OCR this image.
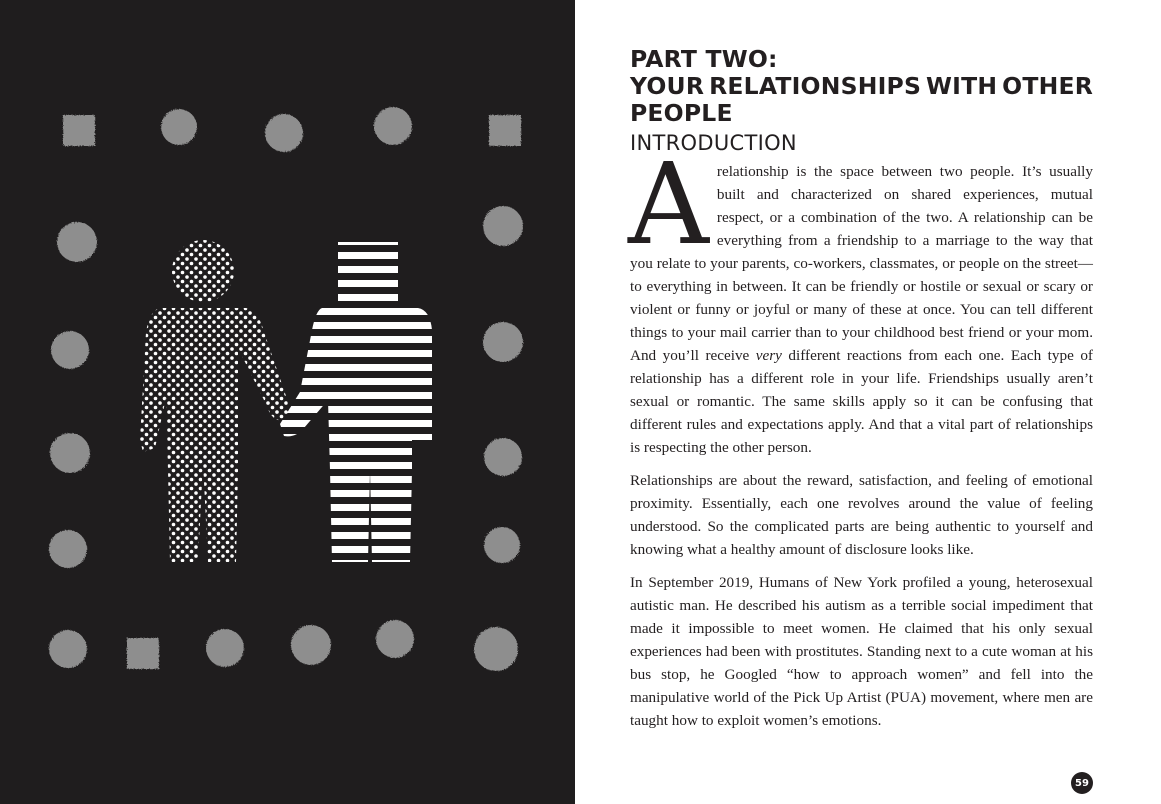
PART TWO:
YOUR RELATIONSHIPS WITH OTHER
PEOPLE
INTRODUCTION

A relationship is the space between two people. It’s usually built and characterized on shared experiences, mutual respect, or a combination of the two. A relationship can be everything from a friendship to a marriage to the way that you relate to your parents, co-workers, classmates, or people on the street—to everything in between. It can be friendly or hostile or sexual or scary or violent or funny or joyful or many of these at once. You can tell different things to your mail carrier than to your childhood best friend or your mom. And you’ll receive very different reactions from each one. Each type of relationship has a different role in your life. Friendships usually aren’t sexual or romantic. The same skills apply so it can be confusing that different rules and expectations apply. And that a vital part of relationships is respecting the other person.

Relationships are about the reward, satisfaction, and feeling of emotional proximity. Essentially, each one revolves around the value of feeling understood. So the complicated parts are being authentic to yourself and knowing what a healthy amount of disclosure looks like.

In September 2019, Humans of New York profiled a young, heterosexual autistic man. He described his autism as a terrible social impediment that made it impossible to meet women. He claimed that his only sexual experiences had been with prostitutes. Standing next to a cute woman at his bus stop, he Googled “how to approach women” and fell into the manipulative world of the Pick Up Artist (PUA) movement, where men are taught how to exploit women’s emotions.

59
